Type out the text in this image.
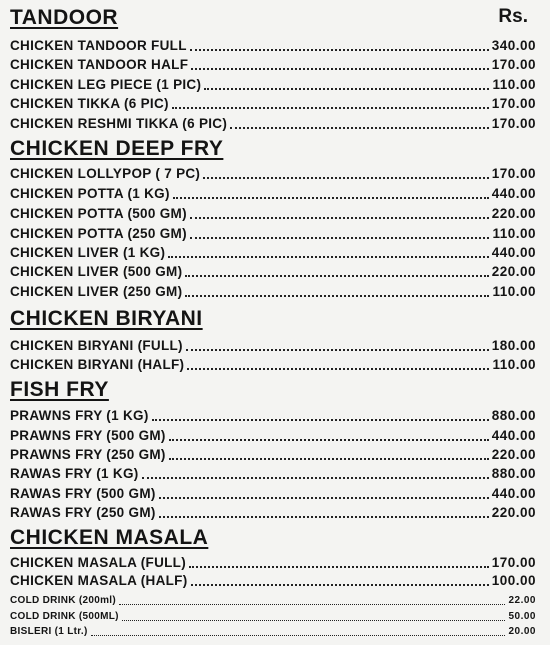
Rs.
TANDOOR
CHICKEN TANDOOR FULL	340.00
CHICKEN TANDOOR HALF	170.00
CHICKEN LEG PIECE (1 PIC)	110.00
CHICKEN TIKKA (6 PIC)	170.00
CHICKEN RESHMI TIKKA (6 PIC)	170.00
CHICKEN DEEP FRY
CHICKEN LOLLYPOP ( 7 PC)	170.00
CHICKEN POTTA (1 KG)	440.00
CHICKEN POTTA (500 GM)	220.00
CHICKEN POTTA (250 GM)	110.00
CHICKEN LIVER (1 KG)	440.00
CHICKEN LIVER (500 GM)	220.00
CHICKEN LIVER (250 GM)	110.00
CHICKEN BIRYANI
CHICKEN BIRYANI (FULL)	180.00
CHICKEN BIRYANI (HALF)	110.00
FISH FRY
PRAWNS FRY (1 KG)	880.00
PRAWNS FRY (500 GM)	440.00
PRAWNS FRY (250 GM)	220.00
RAWAS FRY (1 KG)	880.00
RAWAS FRY (500 GM)	440.00
RAWAS FRY (250 GM)	220.00
CHICKEN MASALA
CHICKEN MASALA (FULL)	170.00
CHICKEN MASALA (HALF)	100.00
COLD DRINK (200ml)	22.00
COLD DRINK (500ML)	50.00
BISLERI (1 Ltr.)	20.00
